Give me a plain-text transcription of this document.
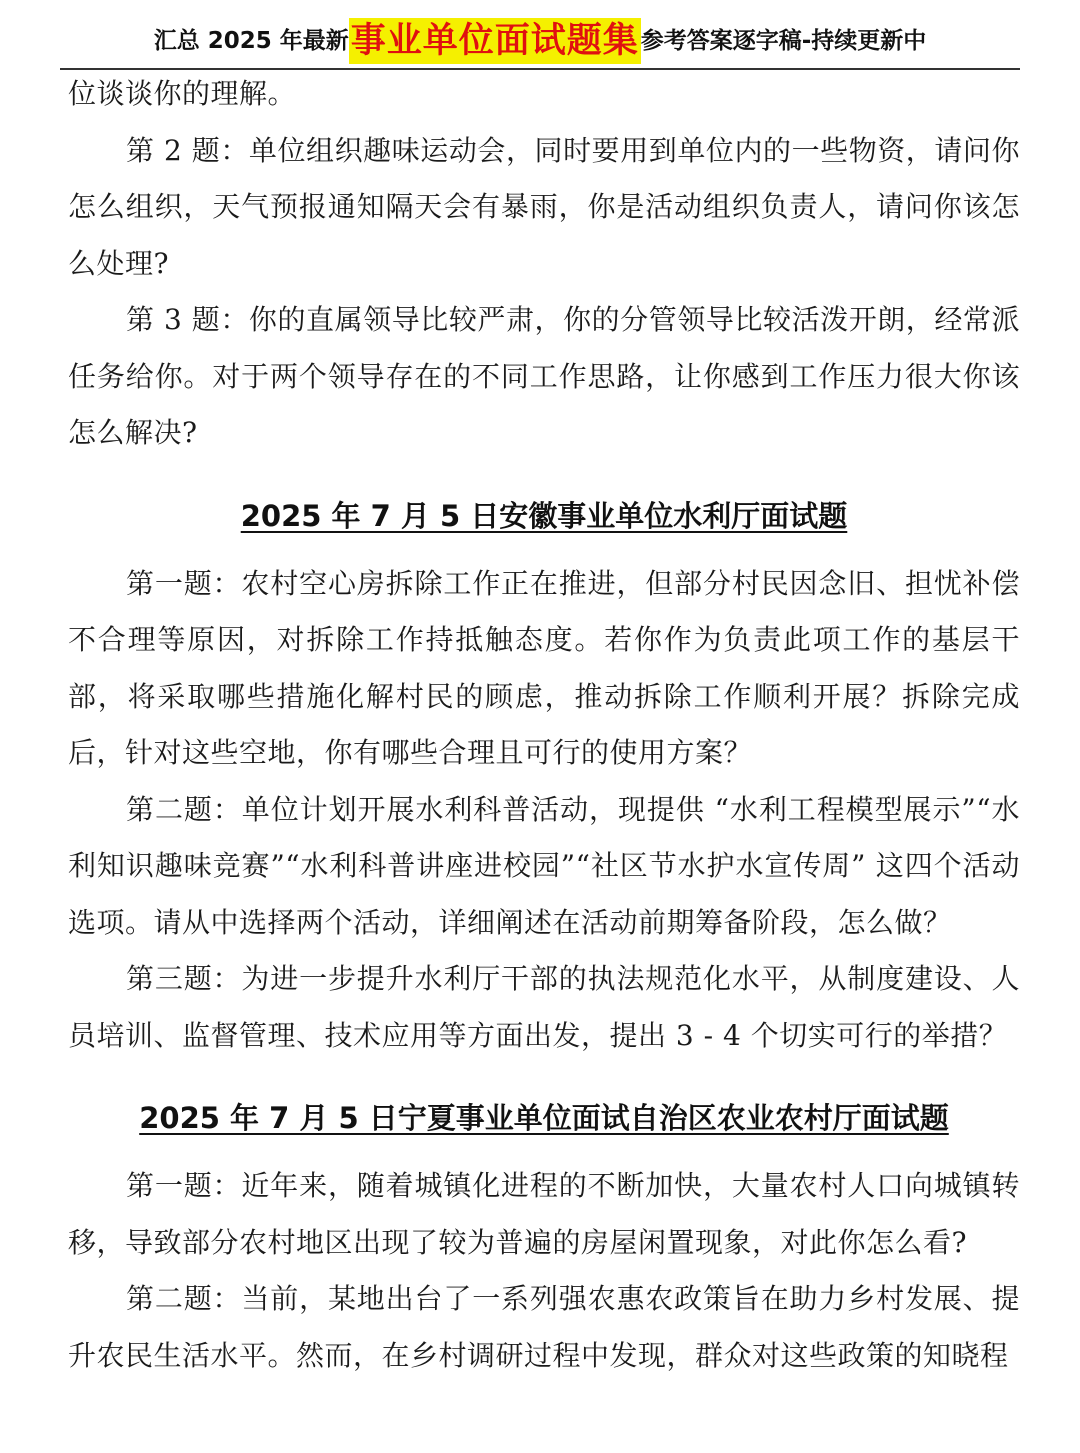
汇总 2025 年最新事业单位面试题集参考答案逐字稿-持续更新中

位谈谈你的理解。

第 2 题：单位组织趣味运动会，同时要用到单位内的一些物资，请问你怎么组织，天气预报通知隔天会有暴雨，你是活动组织负责人，请问你该怎么处理?

第 3 题：你的直属领导比较严肃，你的分管领导比较活泼开朗，经常派任务给你。对于两个领导存在的不同工作思路，让你感到工作压力很大你该怎么解决?

2025 年 7 月 5 日安徽事业单位水利厅面试题

第一题：农村空心房拆除工作正在推进，但部分村民因念旧、担忧补偿不合理等原因，对拆除工作持抵触态度。若你作为负责此项工作的基层干部，将采取哪些措施化解村民的顾虑，推动拆除工作顺利开展？拆除完成后，针对这些空地，你有哪些合理且可行的使用方案？

第二题：单位计划开展水利科普活动，现提供 “水利工程模型展示”“水利知识趣味竞赛”“水利科普讲座进校园”“社区节水护水宣传周” 这四个活动选项。请从中选择两个活动，详细阐述在活动前期筹备阶段，怎么做？

第三题：为进一步提升水利厅干部的执法规范化水平，从制度建设、人员培训、监督管理、技术应用等方面出发，提出 3 - 4 个切实可行的举措？

2025 年 7 月 5 日宁夏事业单位面试自治区农业农村厅面试题

第一题：近年来，随着城镇化进程的不断加快，大量农村人口向城镇转移，导致部分农村地区出现了较为普遍的房屋闲置现象，对此你怎么看?

第二题：当前，某地出台了一系列强农惠农政策旨在助力乡村发展、提升农民生活水平。然而，在乡村调研过程中发现，群众对这些政策的知晓程
